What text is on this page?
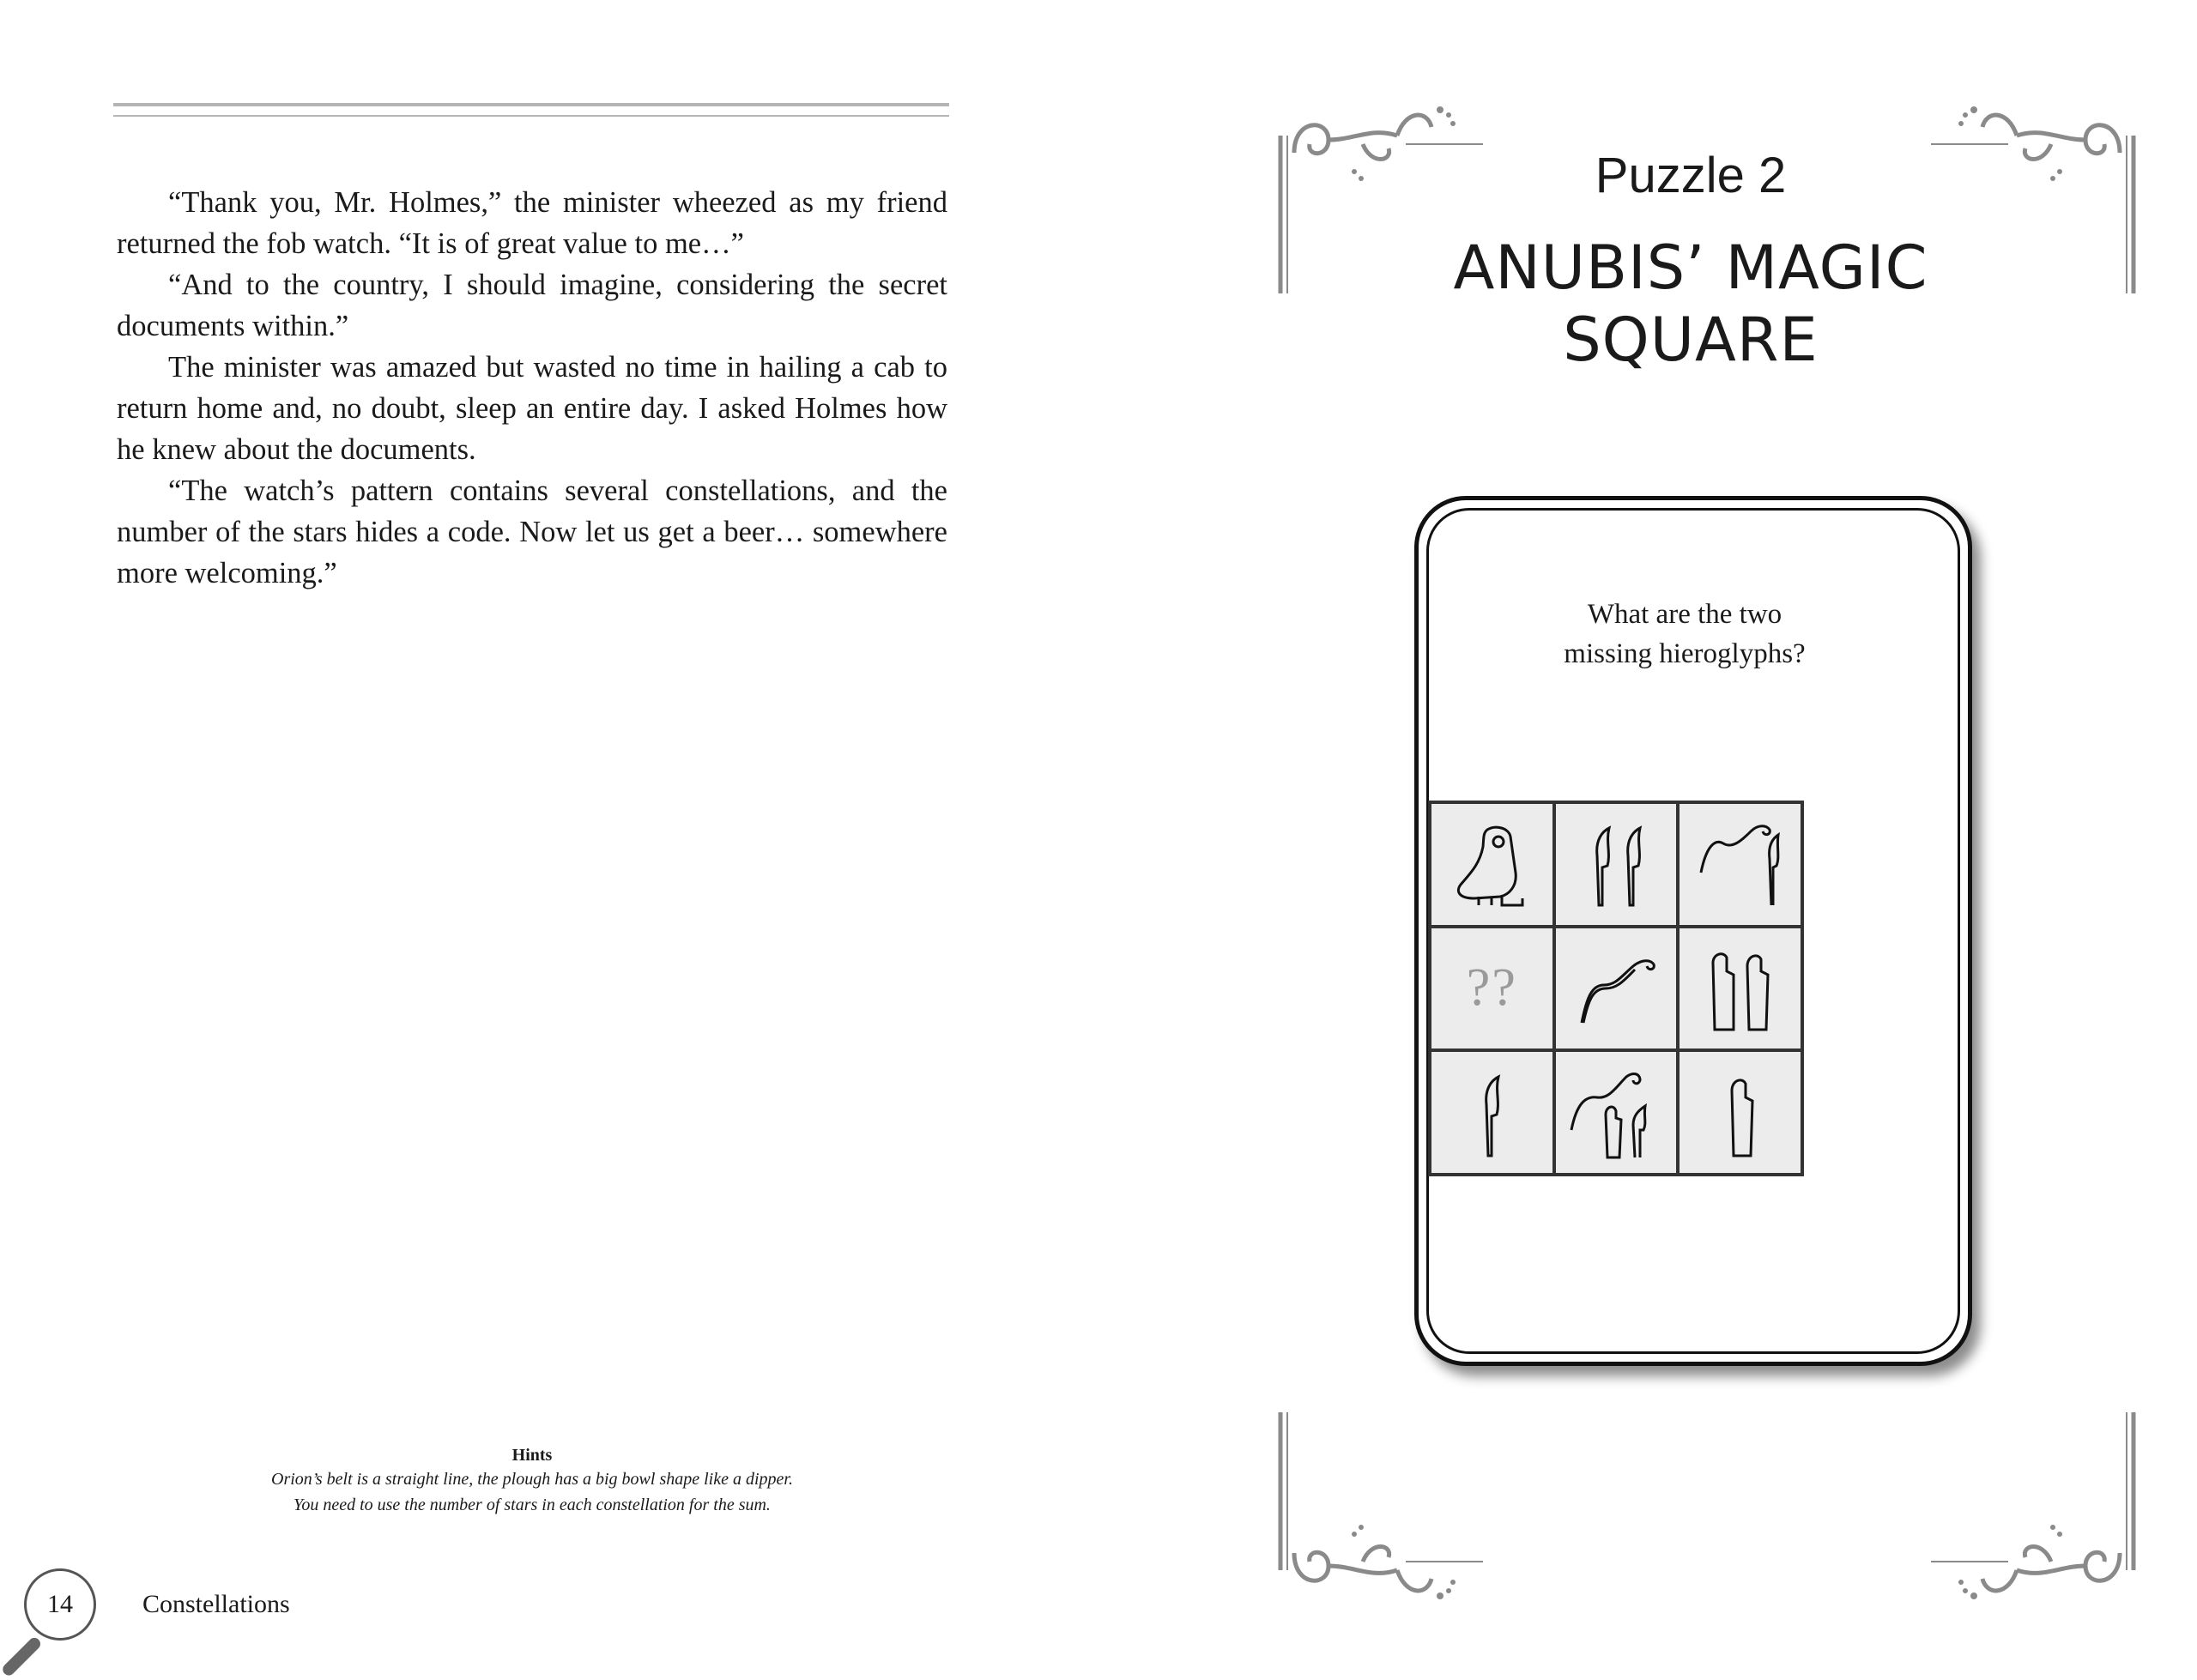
“Thank you, Mr. Holmes,” the minister wheezed as my friend returned the fob watch. “It is of great value to me…”

“And to the country, I should imagine, considering the secret documents within.”

The minister was amazed but wasted no time in hailing a cab to return home and, no doubt, sleep an entire day. I asked Holmes how he knew about the documents.

“The watch’s pattern contains several constellations, and the number of the stars hides a code. Now let us get a beer… somewhere more welcoming.”

Hints
Orion’s belt is a straight line, the plough has a big bowl shape like a dipper.
You need to use the number of stars in each constellation for the sum.
14	Constellations
Puzzle 2
ANUBIS’ MAGIC
SQUARE
What are the two
missing hieroglyphs?
??
